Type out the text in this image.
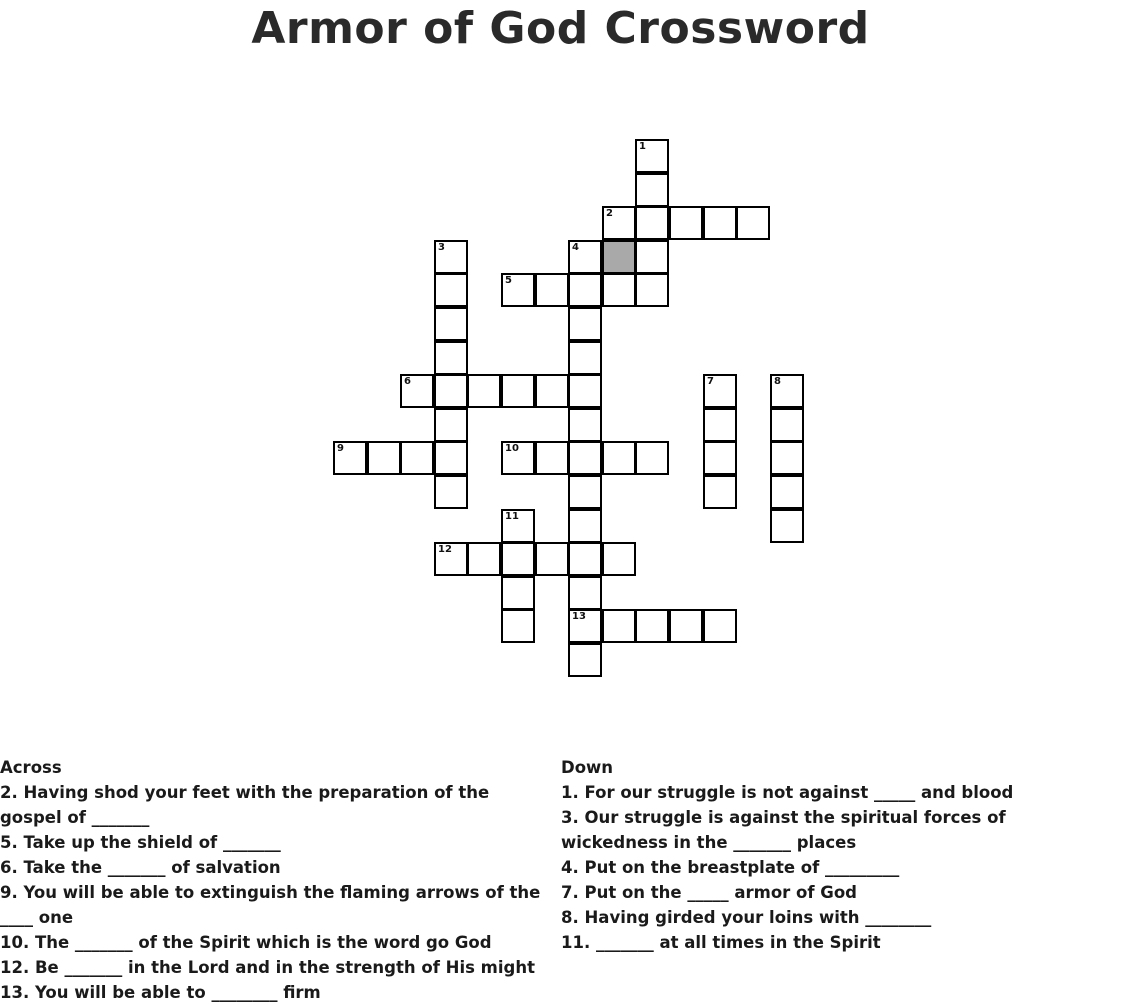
Armor of God Crossword
1
2
3	4
13
5
6	7	8
9	10
11
12
Across
2. Having shod your feet with the preparation of the gospel of _______
5. Take up the shield of _______
6. Take the _______ of salvation
9. You will be able to extinguish the flaming arrows of the ____ one
10. The _______ of the Spirit which is the word go God
12. Be _______ in the Lord and in the strength of His might
13. You will be able to ________ firm
Down
1. For our struggle is not against _____ and blood
3. Our struggle is against the spiritual forces of wickedness in the _______ places
4. Put on the breastplate of _________
7. Put on the _____ armor of God
8. Having girded your loins with ________
11. _______ at all times in the Spirit
